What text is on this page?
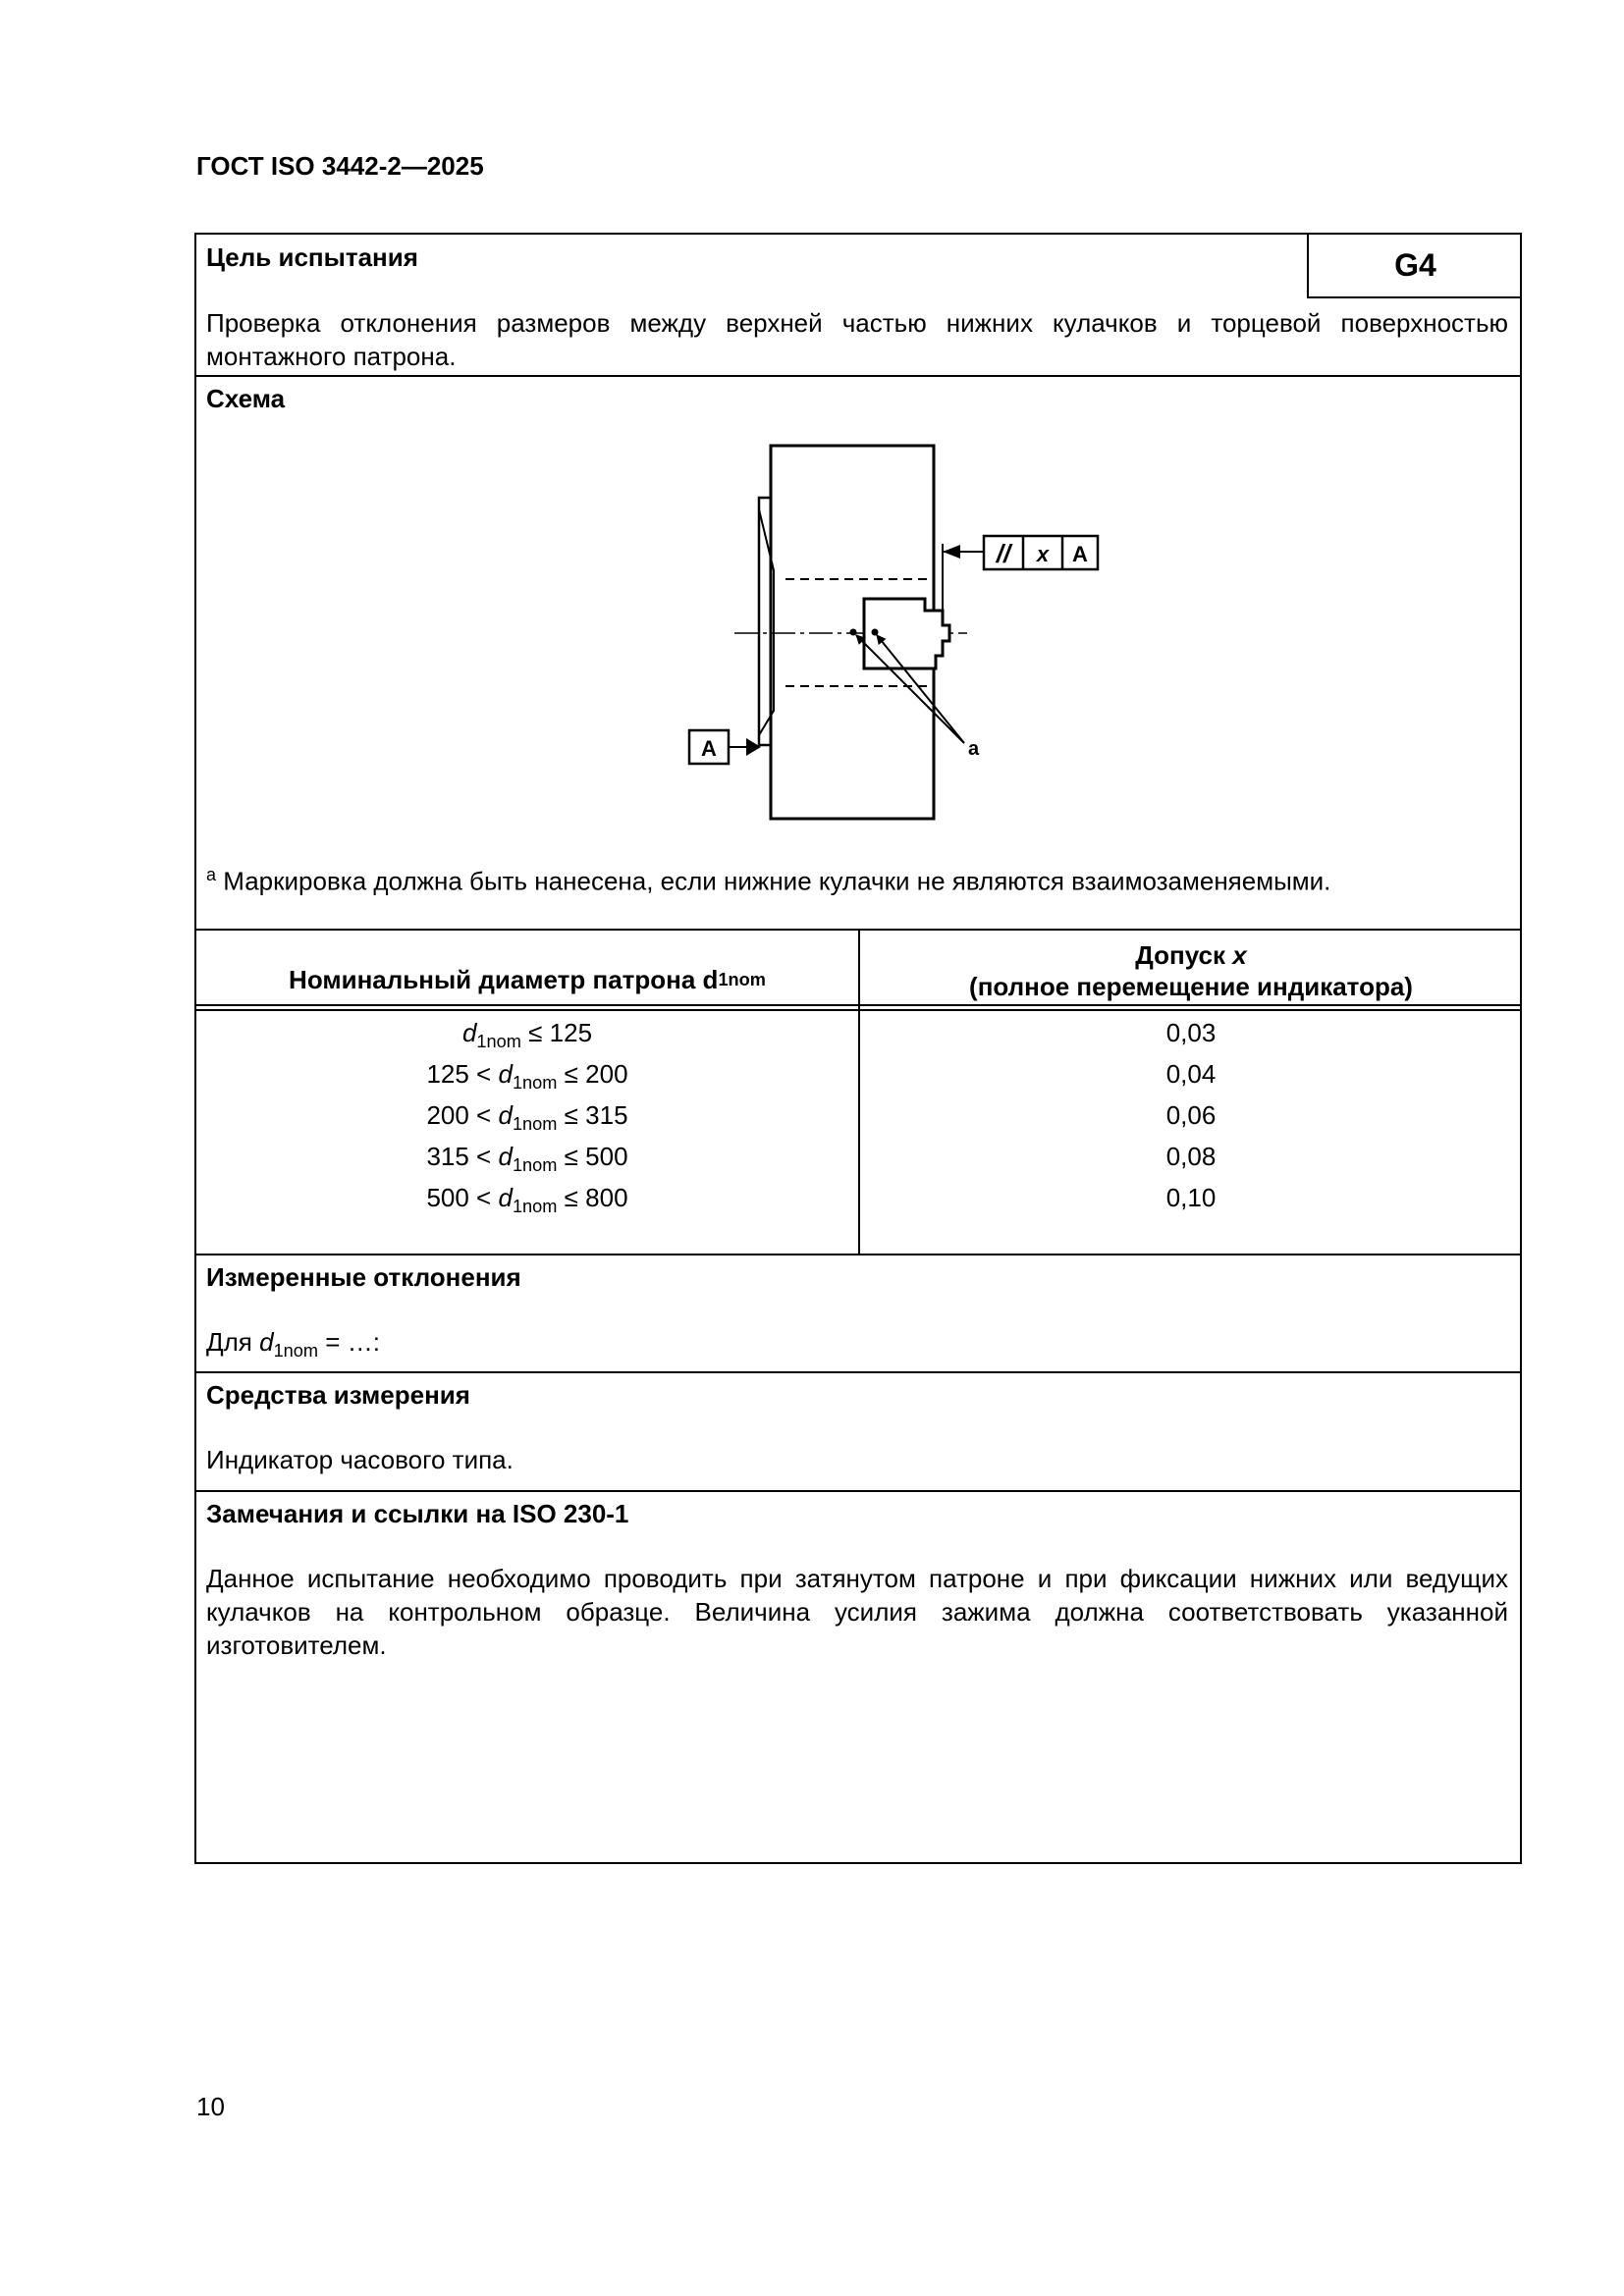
ГОСТ ISO 3442-2—2025
Цель испытания	G4
Проверка отклонения размеров между верхней частью нижних кулачков и торцевой поверхностью монтажного патрона.
Схема
a
// x A
A
$^a$ Маркировка должна быть нанесена, если нижние кулачки не являются взаимозаменяемыми.
Номинальный диаметр патрона d 1nom
Допуск x
(полное перемещение индикатора)
$d_{1nom} \le 125$
$125 < d_{1nom} \le 200$
$200 < d_{1nom} \le 315$
$315 < d_{1nom} \le 500$
$500 < d_{1nom} \le 800$
0,03
0,04
0,06
0,08
0,10
Измеренные отклонения
Для $d_{1nom}$ = …:
Средства измерения
Индикатор часового типа.
Замечания и ссылки на ISO 230-1
Данное испытание необходимо проводить при затянутом патроне и при фиксации нижних или ведущих кулачков на контрольном образце. Величина усилия зажима должна соответствовать указанной изготовителем.
10
